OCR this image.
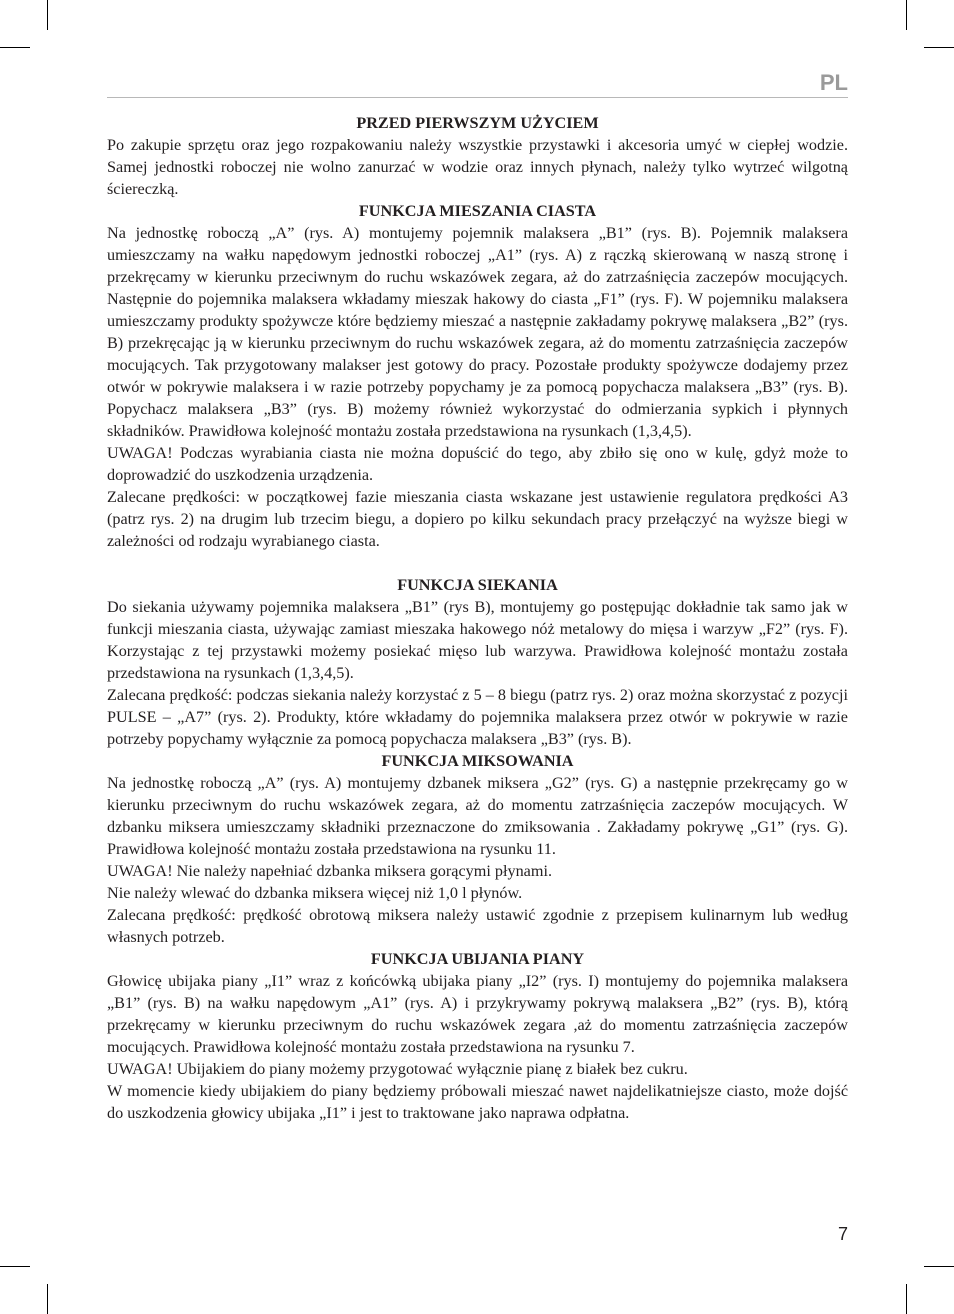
PL
PRZED PIERWSZYM UŻYCIEM

Po zakupie sprzętu oraz jego rozpakowaniu należy wszystkie przystawki i akcesoria umyć w ciepłej wodzie. Samej jednostki roboczej nie wolno zanurzać w wodzie oraz innych płynach, należy tylko wytrzeć wilgotną ściereczką.

FUNKCJA MIESZANIA CIASTA

Na jednostkę roboczą „A” (rys. A) montujemy pojemnik malaksera „B1” (rys. B). Pojemnik malaksera umieszczamy na wałku napędowym jednostki roboczej „A1” (rys. A) z rączką skierowaną w naszą stronę i przekręcamy w kierunku przeciwnym do ruchu wskazówek zegara, aż do zatrzaśnięcia zaczepów mocujących. Następnie do pojemnika malaksera wkładamy mieszak hakowy do ciasta „F1” (rys. F). W pojemniku malaksera umieszczamy produkty spożywcze które będziemy mieszać a następnie zakładamy pokrywę malaksera „B2” (rys. B) przekręcając ją w kierunku przeciwnym do ruchu wskazówek zegara, aż do momentu zatrzaśnięcia zaczepów mocujących. Tak przygotowany malakser jest gotowy do pracy. Pozostałe produkty spożywcze dodajemy przez otwór w pokrywie malaksera i w razie potrzeby popychamy je za pomocą popychacza malaksera „B3” (rys. B). Popychacz malaksera „B3” (rys. B) możemy również wykorzystać do odmierzania sypkich i płynnych składników. Prawidłowa kolejność montażu została przedstawiona na rysunkach (1,3,4,5).

UWAGA! Podczas wyrabiania ciasta nie można dopuścić do tego, aby zbiło się ono w kulę, gdyż może to doprowadzić do uszkodzenia urządzenia.

Zalecane prędkości: w początkowej fazie mieszania ciasta wskazane jest ustawienie regulatora prędkości A3 (patrz rys. 2) na drugim lub trzecim biegu, a dopiero po kilku sekundach pracy przełączyć na wyższe biegi w zależności od rodzaju wyrabianego ciasta.

FUNKCJA SIEKANIA

Do siekania używamy pojemnika malaksera „B1” (rys B), montujemy go postępując dokładnie tak samo jak w funkcji mieszania ciasta, używając zamiast mieszaka hakowego nóż metalowy do mięsa i warzyw „F2” (rys. F). Korzystając z tej przystawki możemy posiekać mięso lub warzywa. Prawidłowa kolejność montażu została przedstawiona na rysunkach (1,3,4,5).

Zalecana prędkość: podczas siekania należy korzystać z 5 – 8 biegu (patrz rys. 2) oraz można skorzystać z pozycji PULSE – „A7” (rys. 2). Produkty, które wkładamy do pojemnika malaksera przez otwór w pokrywie w razie potrzeby popychamy wyłącznie za pomocą popychacza malaksera „B3” (rys. B).

FUNKCJA MIKSOWANIA

Na jednostkę roboczą „A” (rys. A) montujemy dzbanek miksera „G2” (rys. G) a następnie przekręcamy go w kierunku przeciwnym do ruchu wskazówek zegara, aż do momentu zatrzaśnięcia zaczepów mocujących. W dzbanku miksera umieszczamy składniki przeznaczone do zmiksowania . Zakładamy pokrywę „G1” (rys. G). Prawidłowa kolejność montażu została przedstawiona na rysunku 11.

UWAGA! Nie należy napełniać dzbanka miksera gorącymi płynami.

Nie należy wlewać do dzbanka miksera więcej niż 1,0 l płynów.

Zalecana prędkość: prędkość obrotową miksera należy ustawić zgodnie z przepisem kulinarnym lub według własnych potrzeb.

FUNKCJA UBIJANIA PIANY

Głowicę ubijaka piany „I1” wraz z końcówką ubijaka piany „I2” (rys. I) montujemy do pojemnika malaksera „B1” (rys. B) na wałku napędowym „A1” (rys. A) i przykrywamy pokrywą malaksera „B2” (rys. B), którą przekręcamy w kierunku przeciwnym do ruchu wskazówek zegara ,aż do momentu zatrzaśnięcia zaczepów mocujących. Prawidłowa kolejność montażu została przedstawiona na rysunku 7.

UWAGA! Ubijakiem do piany możemy przygotować wyłącznie pianę z białek bez cukru.

W momencie kiedy ubijakiem do piany będziemy próbowali mieszać nawet najdelikatniejsze ciasto, może dojść do uszkodzenia głowicy ubijaka „I1” i jest to traktowane jako naprawa odpłatna.

7
